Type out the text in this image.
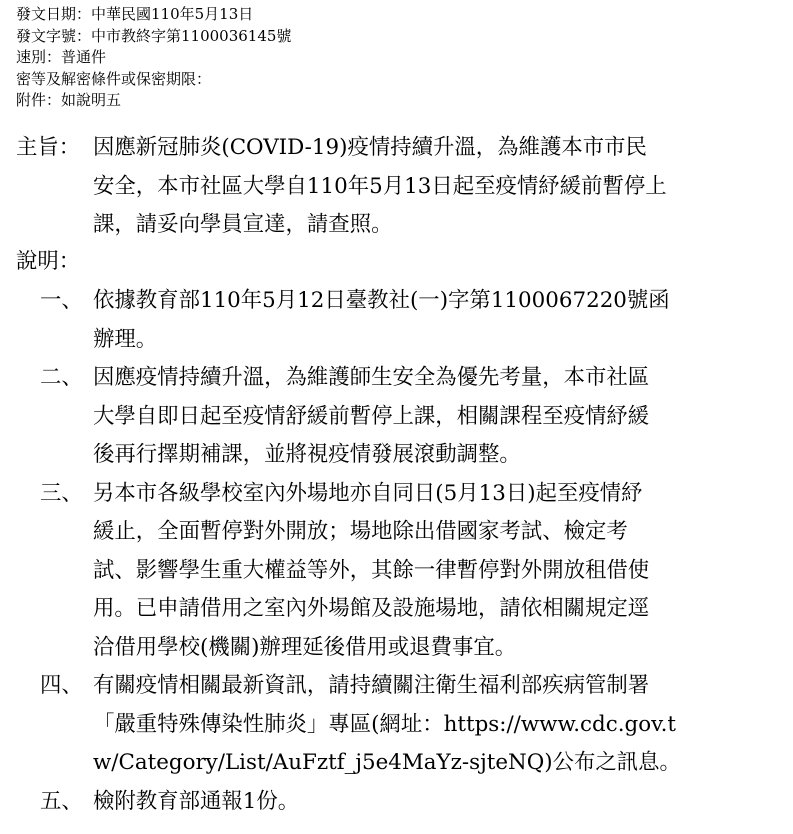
發文日期：中華民國110年5月13日
發文字號：中市教終字第1100036145號
速別：普通件
密等及解密條件或保密期限：
附件：如說明五
主旨： 因應新冠肺炎(COVID-19)疫情持續升溫，為維護本市市民
安全，本市社區大學自110年5月13日起至疫情紓緩前暫停上
課，請妥向學員宣達，請查照。
說明：
一、 依據教育部110年5月12日臺教社(一)字第1100067220號函
辦理。
二、 因應疫情持續升溫，為維護師生安全為優先考量，本市社區
大學自即日起至疫情舒緩前暫停上課，相關課程至疫情紓緩
後再行擇期補課，並將視疫情發展滾動調整。
三、 另本市各級學校室內外場地亦自同日(5月13日)起至疫情紓
緩止，全面暫停對外開放；場地除出借國家考試、檢定考
試、影響學生重大權益等外，其餘一律暫停對外開放租借使
用。已申請借用之室內外場館及設施場地，請依相關規定逕
洽借用學校(機關)辦理延後借用或退費事宜。
四、 有關疫情相關最新資訊，請持續關注衛生福利部疾病管制署
「嚴重特殊傳染性肺炎」專區(網址：https://www.cdc.gov.t
w/Category/List/AuFztf_j5e4MaYz-sjteNQ)公布之訊息。
五、 檢附教育部通報1份。
